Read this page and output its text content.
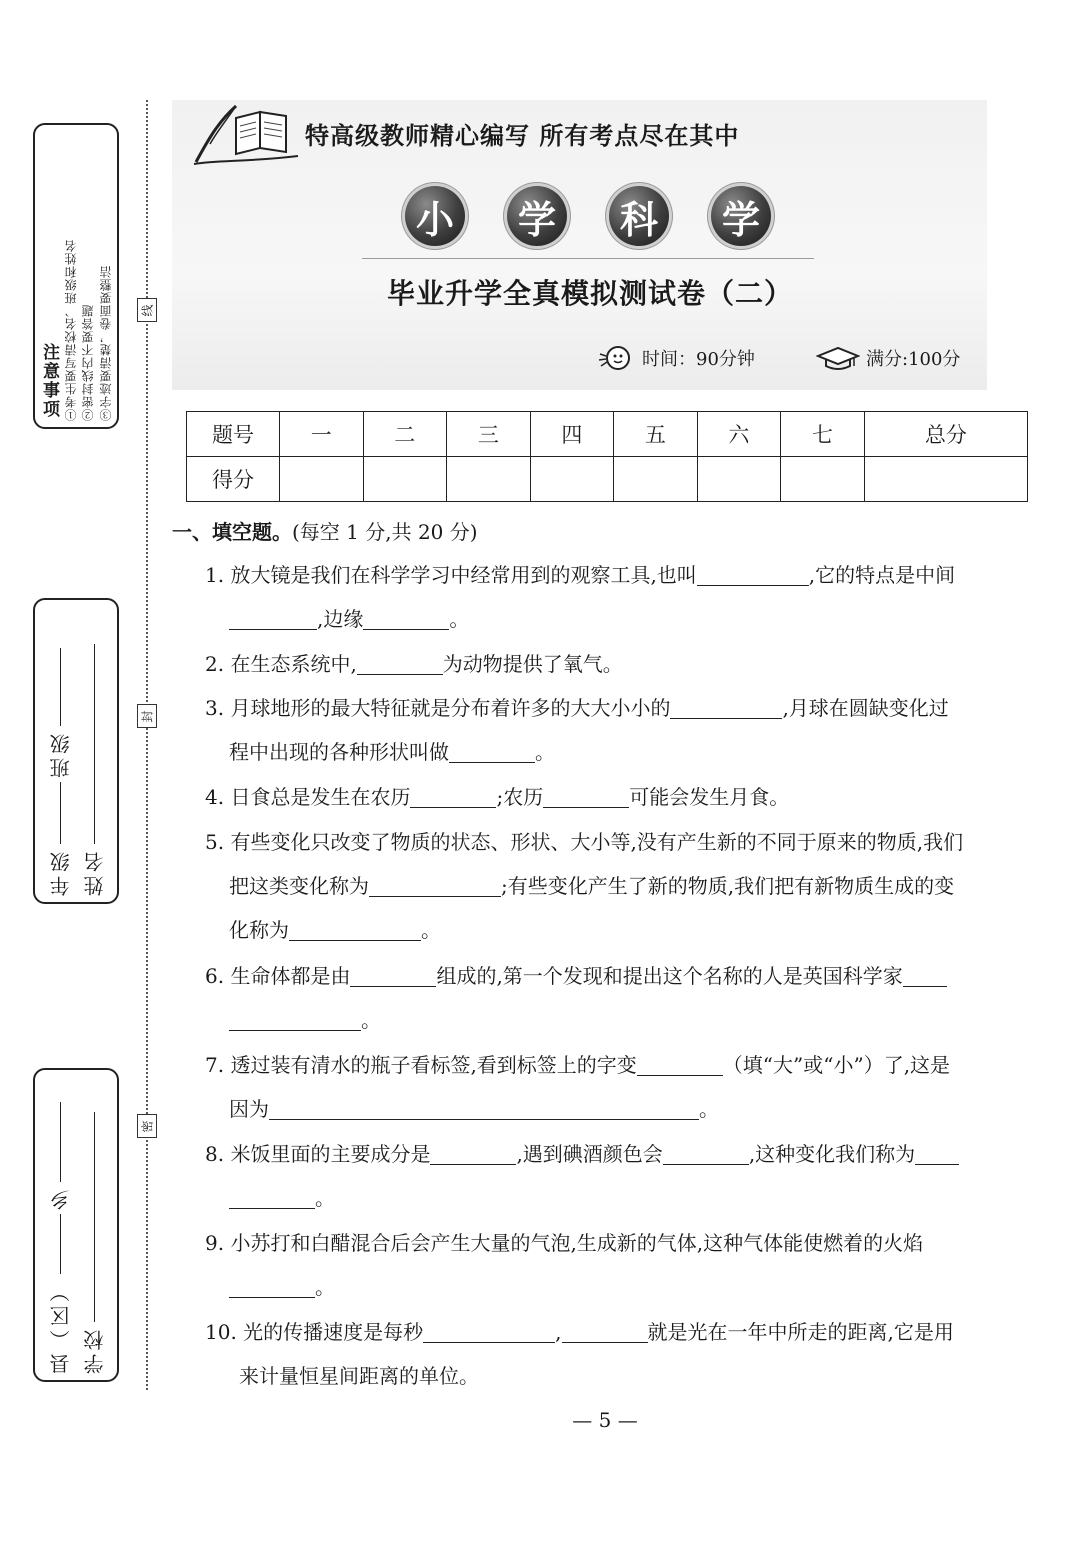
注意事项 ①考生要写清校名、班级和姓名 ②密封线内不要答题 ③字迹要清楚，卷面要整洁
年级
班级
姓名
县（区）
乡
学校
线
封
密
特高级教师精心编写 所有考点尽在其中
小 学 科 学
毕业升学全真模拟测试卷（二）
时间：90分钟	满分:100分
题号	一	二	三	四	五	六	七	总分
得分								
一、填空题。(每空 1 分,共 20 分)
1. 放大镜是我们在科学学习中经常用到的观察工具,也叫	,它的特点是中间
,边缘	。
2. 在生态系统中,	为动物提供了氧气。
3. 月球地形的最大特征就是分布着许多的大大小小的	,月球在圆缺变化过
程中出现的各种形状叫做	。
4. 日食总是发生在农历	;农历	可能会发生月食。
5. 有些变化只改变了物质的状态、形状、大小等,没有产生新的不同于原来的物质,我们
把这类变化称为	;有些变化产生了新的物质,我们把有新物质生成的变
化称为	。
6. 生命体都是由	组成的,第一个发现和提出这个名称的人是英国科学家
。
7. 透过装有清水的瓶子看标签,看到标签上的字变	（填“大”或“小”）了,这是
因为	。
8. 米饭里面的主要成分是	,遇到碘酒颜色会	,这种变化我们称为
。
9. 小苏打和白醋混合后会产生大量的气泡,生成新的气体,这种气体能使燃着的火焰
。
10. 光的传播速度是每秒	,	就是光在一年中所走的距离,它是用
来计量恒星间距离的单位。
— 5 —
